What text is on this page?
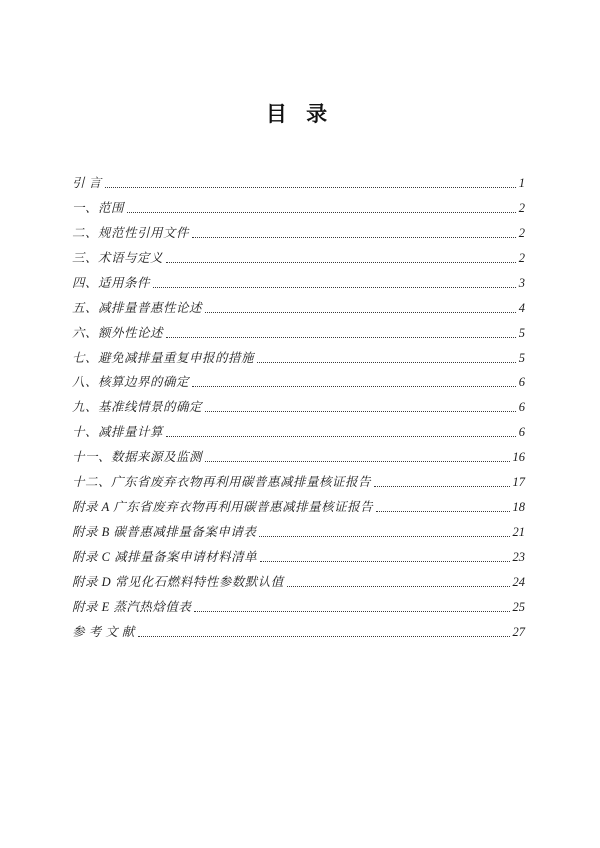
目 录
引 言	1
一、范围	2
二、规范性引用文件	2
三、术语与定义	2
四、适用条件	3
五、减排量普惠性论述	4
六、额外性论述	5
七、避免减排量重复申报的措施	5
八、核算边界的确定	6
九、基准线情景的确定	6
十、减排量计算	6
十一、数据来源及监测	16
十二、广东省废弃衣物再利用碳普惠减排量核证报告	17
附录 A 广东省废弃衣物再利用碳普惠减排量核证报告	18
附录 B 碳普惠减排量备案申请表	21
附录 C 减排量备案申请材料清单	23
附录 D 常见化石燃料特性参数默认值	24
附录 E 蒸汽热焓值表	25
参 考 文 献	27
